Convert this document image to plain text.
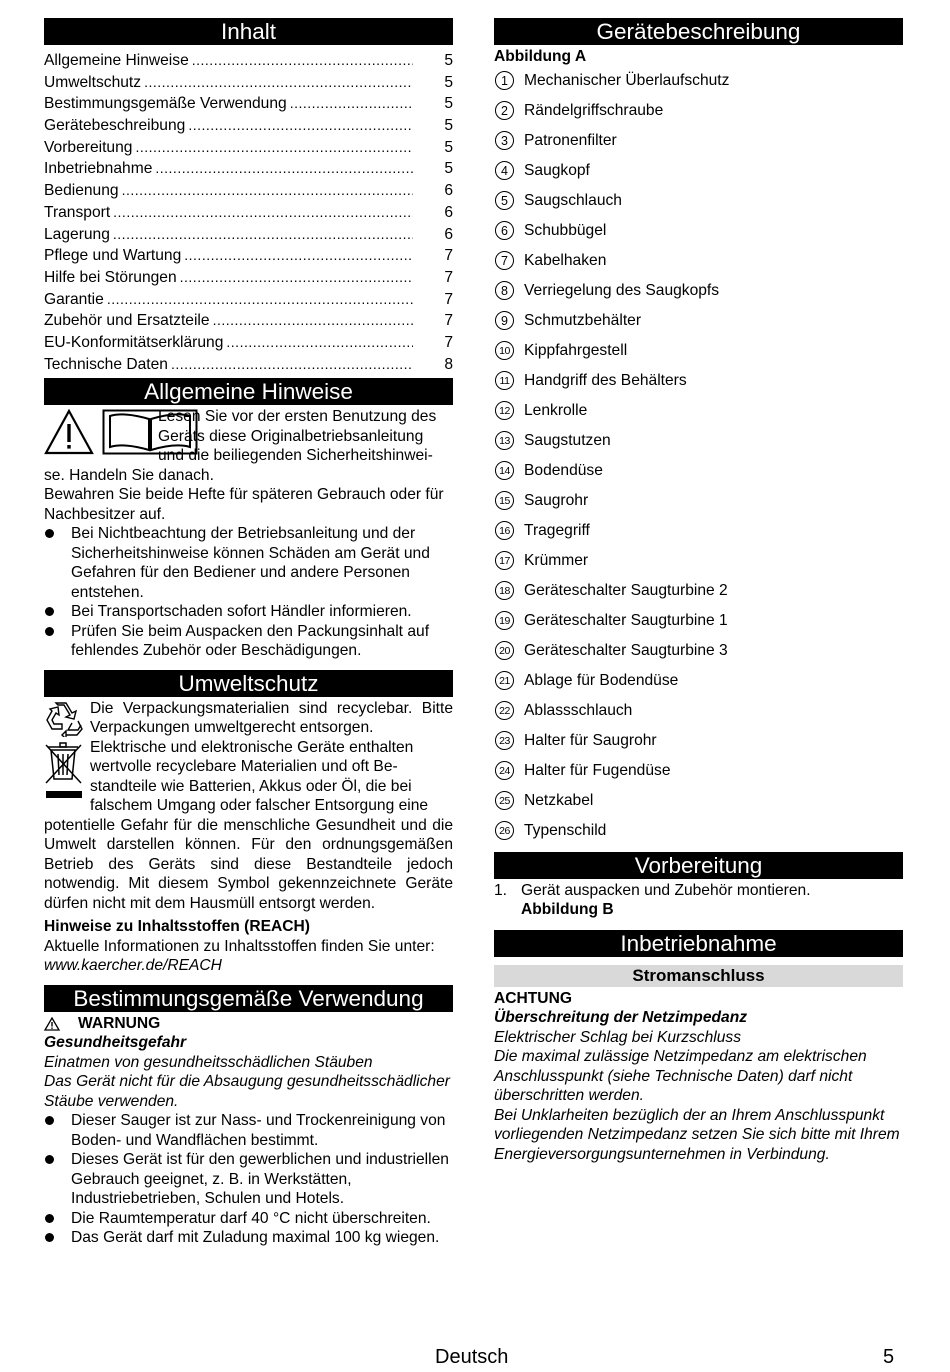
Inhalt
Allgemeine Hinweise .....	5
Umweltschutz .....	5
Bestimmungsgemäße Verwendung .....	5
Gerätebeschreibung .....	5
Vorbereitung .....	5
Inbetriebnahme .....	5
Bedienung .....	6
Transport .....	6
Lagerung .....	6
Pflege und Wartung .....	7
Hilfe bei Störungen .....	7
Garantie .....	7
Zubehör und Ersatzteile .....	7
EU-Konformitätserklärung .....	7
Technische Daten .....	8
Allgemeine Hinweise
Lesen Sie vor der ersten Benutzung des
Geräts diese Originalbetriebsanleitung
und die beiliegenden Sicherheitshinwei-
se. Handeln Sie danach.
Bewahren Sie beide Hefte für späteren Gebrauch oder für Nachbesitzer auf.
Bei Nichtbeachtung der Betriebsanleitung und der Sicherheitshinweise können Schäden am Gerät und Gefahren für den Bediener und andere Personen entstehen.
Bei Transportschaden sofort Händler informieren.
Prüfen Sie beim Auspacken den Packungsinhalt auf fehlendes Zubehör oder Beschädigungen.
Umweltschutz
Die Verpackungsmaterialien sind recyclebar. Bitte Verpackungen umweltgerecht entsorgen.
Elektrische und elektronische Geräte enthalten
wertvolle recyclebare Materialien und oft Be-
standteile wie Batterien, Akkus oder Öl, die bei
falschem Umgang oder falscher Entsorgung eine
potentielle Gefahr für die menschliche Gesundheit und die Umwelt darstellen können. Für den ordnungsgemäßen Betrieb des Geräts sind diese Bestandteile jedoch notwendig. Mit diesem Symbol gekennzeichnete Geräte dürfen nicht mit dem Hausmüll entsorgt werden.
Hinweise zu Inhaltsstoffen (REACH)
Aktuelle Informationen zu Inhaltsstoffen finden Sie unter: www.kaercher.de/REACH
Bestimmungsgemäße Verwendung
WARNUNG
Gesundheitsgefahr
Einatmen von gesundheitsschädlichen Stäuben
Das Gerät nicht für die Absaugung gesundheitsschädlicher Stäube verwenden.
Dieser Sauger ist zur Nass- und Trockenreinigung von Boden- und Wandflächen bestimmt.
Dieses Gerät ist für den gewerblichen und industriellen Gebrauch geeignet, z. B. in Werkstätten, Industriebetrieben, Schulen und Hotels.
Die Raumtemperatur darf 40 °C nicht überschreiten.
Das Gerät darf mit Zuladung maximal 100 kg wiegen.
Gerätebeschreibung
Abbildung A
1	Mechanischer Überlaufschutz
2	Rändelgriffschraube
3	Patronenfilter
4	Saugkopf
5	Saugschlauch
6	Schubbügel
7	Kabelhaken
8	Verriegelung des Saugkopfs
9	Schmutzbehälter
10 Kippfahrgestell
11 Handgriff des Behälters
12 Lenkrolle
13 Saugstutzen
14 Bodendüse
15 Saugrohr
16 Tragegriff
17 Krümmer
18 Geräteschalter Saugturbine 2
19 Geräteschalter Saugturbine 1
20 Geräteschalter Saugturbine 3
21 Ablage für Bodendüse
22 Ablassschlauch
23 Halter für Saugrohr
24 Halter für Fugendüse
25 Netzkabel
26 Typenschild
Vorbereitung
1. Gerät auspacken und Zubehör montieren.
Abbildung B
Inbetriebnahme
Stromanschluss
ACHTUNG
Überschreitung der Netzimpedanz
Elektrischer Schlag bei Kurzschluss
Die maximal zulässige Netzimpedanz am elektrischen Anschlusspunkt (siehe Technische Daten) darf nicht überschritten werden.
Bei Unklarheiten bezüglich der an Ihrem Anschlusspunkt vorliegenden Netzimpedanz setzen Sie sich bitte mit Ihrem Energieversorgungsunternehmen in Verbindung.
Deutsch	5
